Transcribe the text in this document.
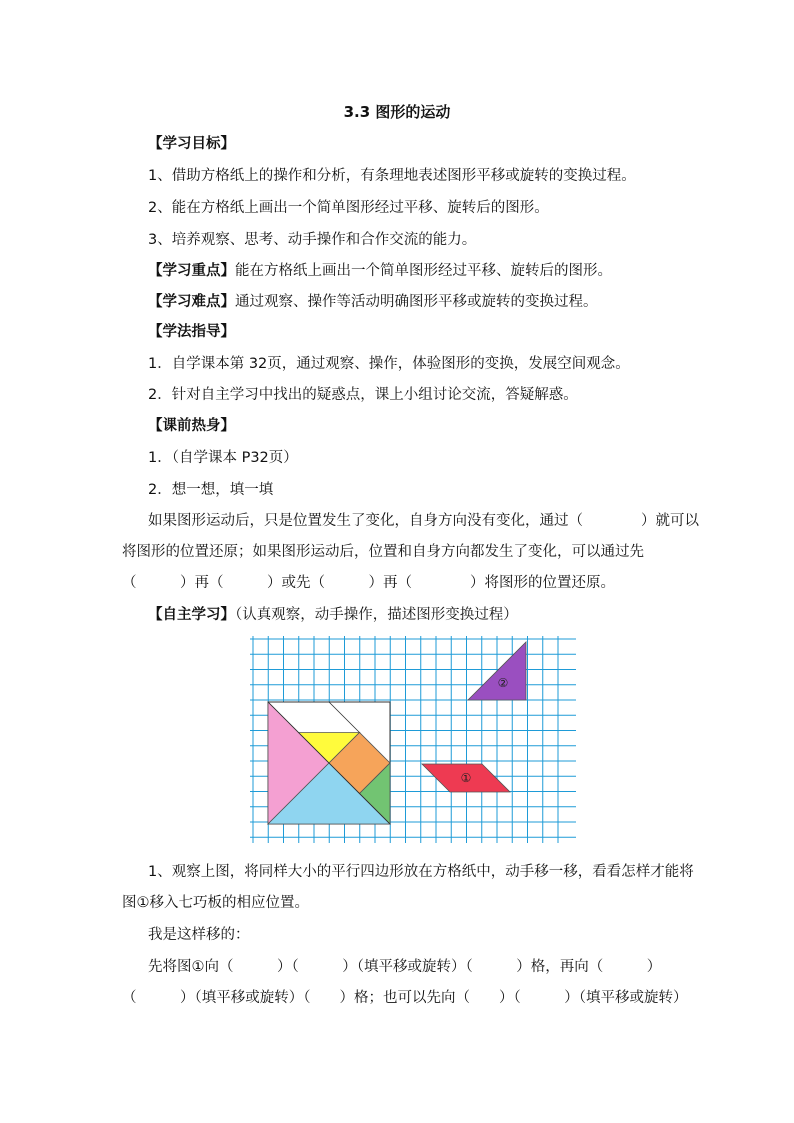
3.3 图形的运动
【学习目标】
1、借助方格纸上的操作和分析，有条理地表述图形平移或旋转的变换过程。
2、能在方格纸上画出一个简单图形经过平移、旋转后的图形。
3、培养观察、思考、动手操作和合作交流的能力。
【学习重点】能在方格纸上画出一个简单图形经过平移、旋转后的图形。
【学习难点】通过观察、操作等活动明确图形平移或旋转的变换过程。
【学法指导】
1．自学课本第 32页，通过观察、操作，体验图形的变换，发展空间观念。
2．针对自主学习中找出的疑惑点，课上小组讨论交流，答疑解惑。
【课前热身】
1．（自学课本 P32页）
2．想一想，填一填
如果图形运动后，只是位置发生了变化，自身方向没有变化，通过（　　　　）就可以
将图形的位置还原；如果图形运动后，位置和自身方向都发生了变化，可以通过先
（　　　）再（　　　）或先（　　　）再（　　　　）将图形的位置还原。
【自主学习】（认真观察，动手操作，描述图形变换过程）
②
①
1、观察上图，将同样大小的平行四边形放在方格纸中，动手移一移，看看怎样才能将
图①移入七巧板的相应位置。
我是这样移的：
先将图①向（　　　）（　　　）（填平移或旋转）（　　　）格，再向（　　　）
（　　　）（填平移或旋转）（　　）格；也可以先向（　　）（　　　）（填平移或旋转）
